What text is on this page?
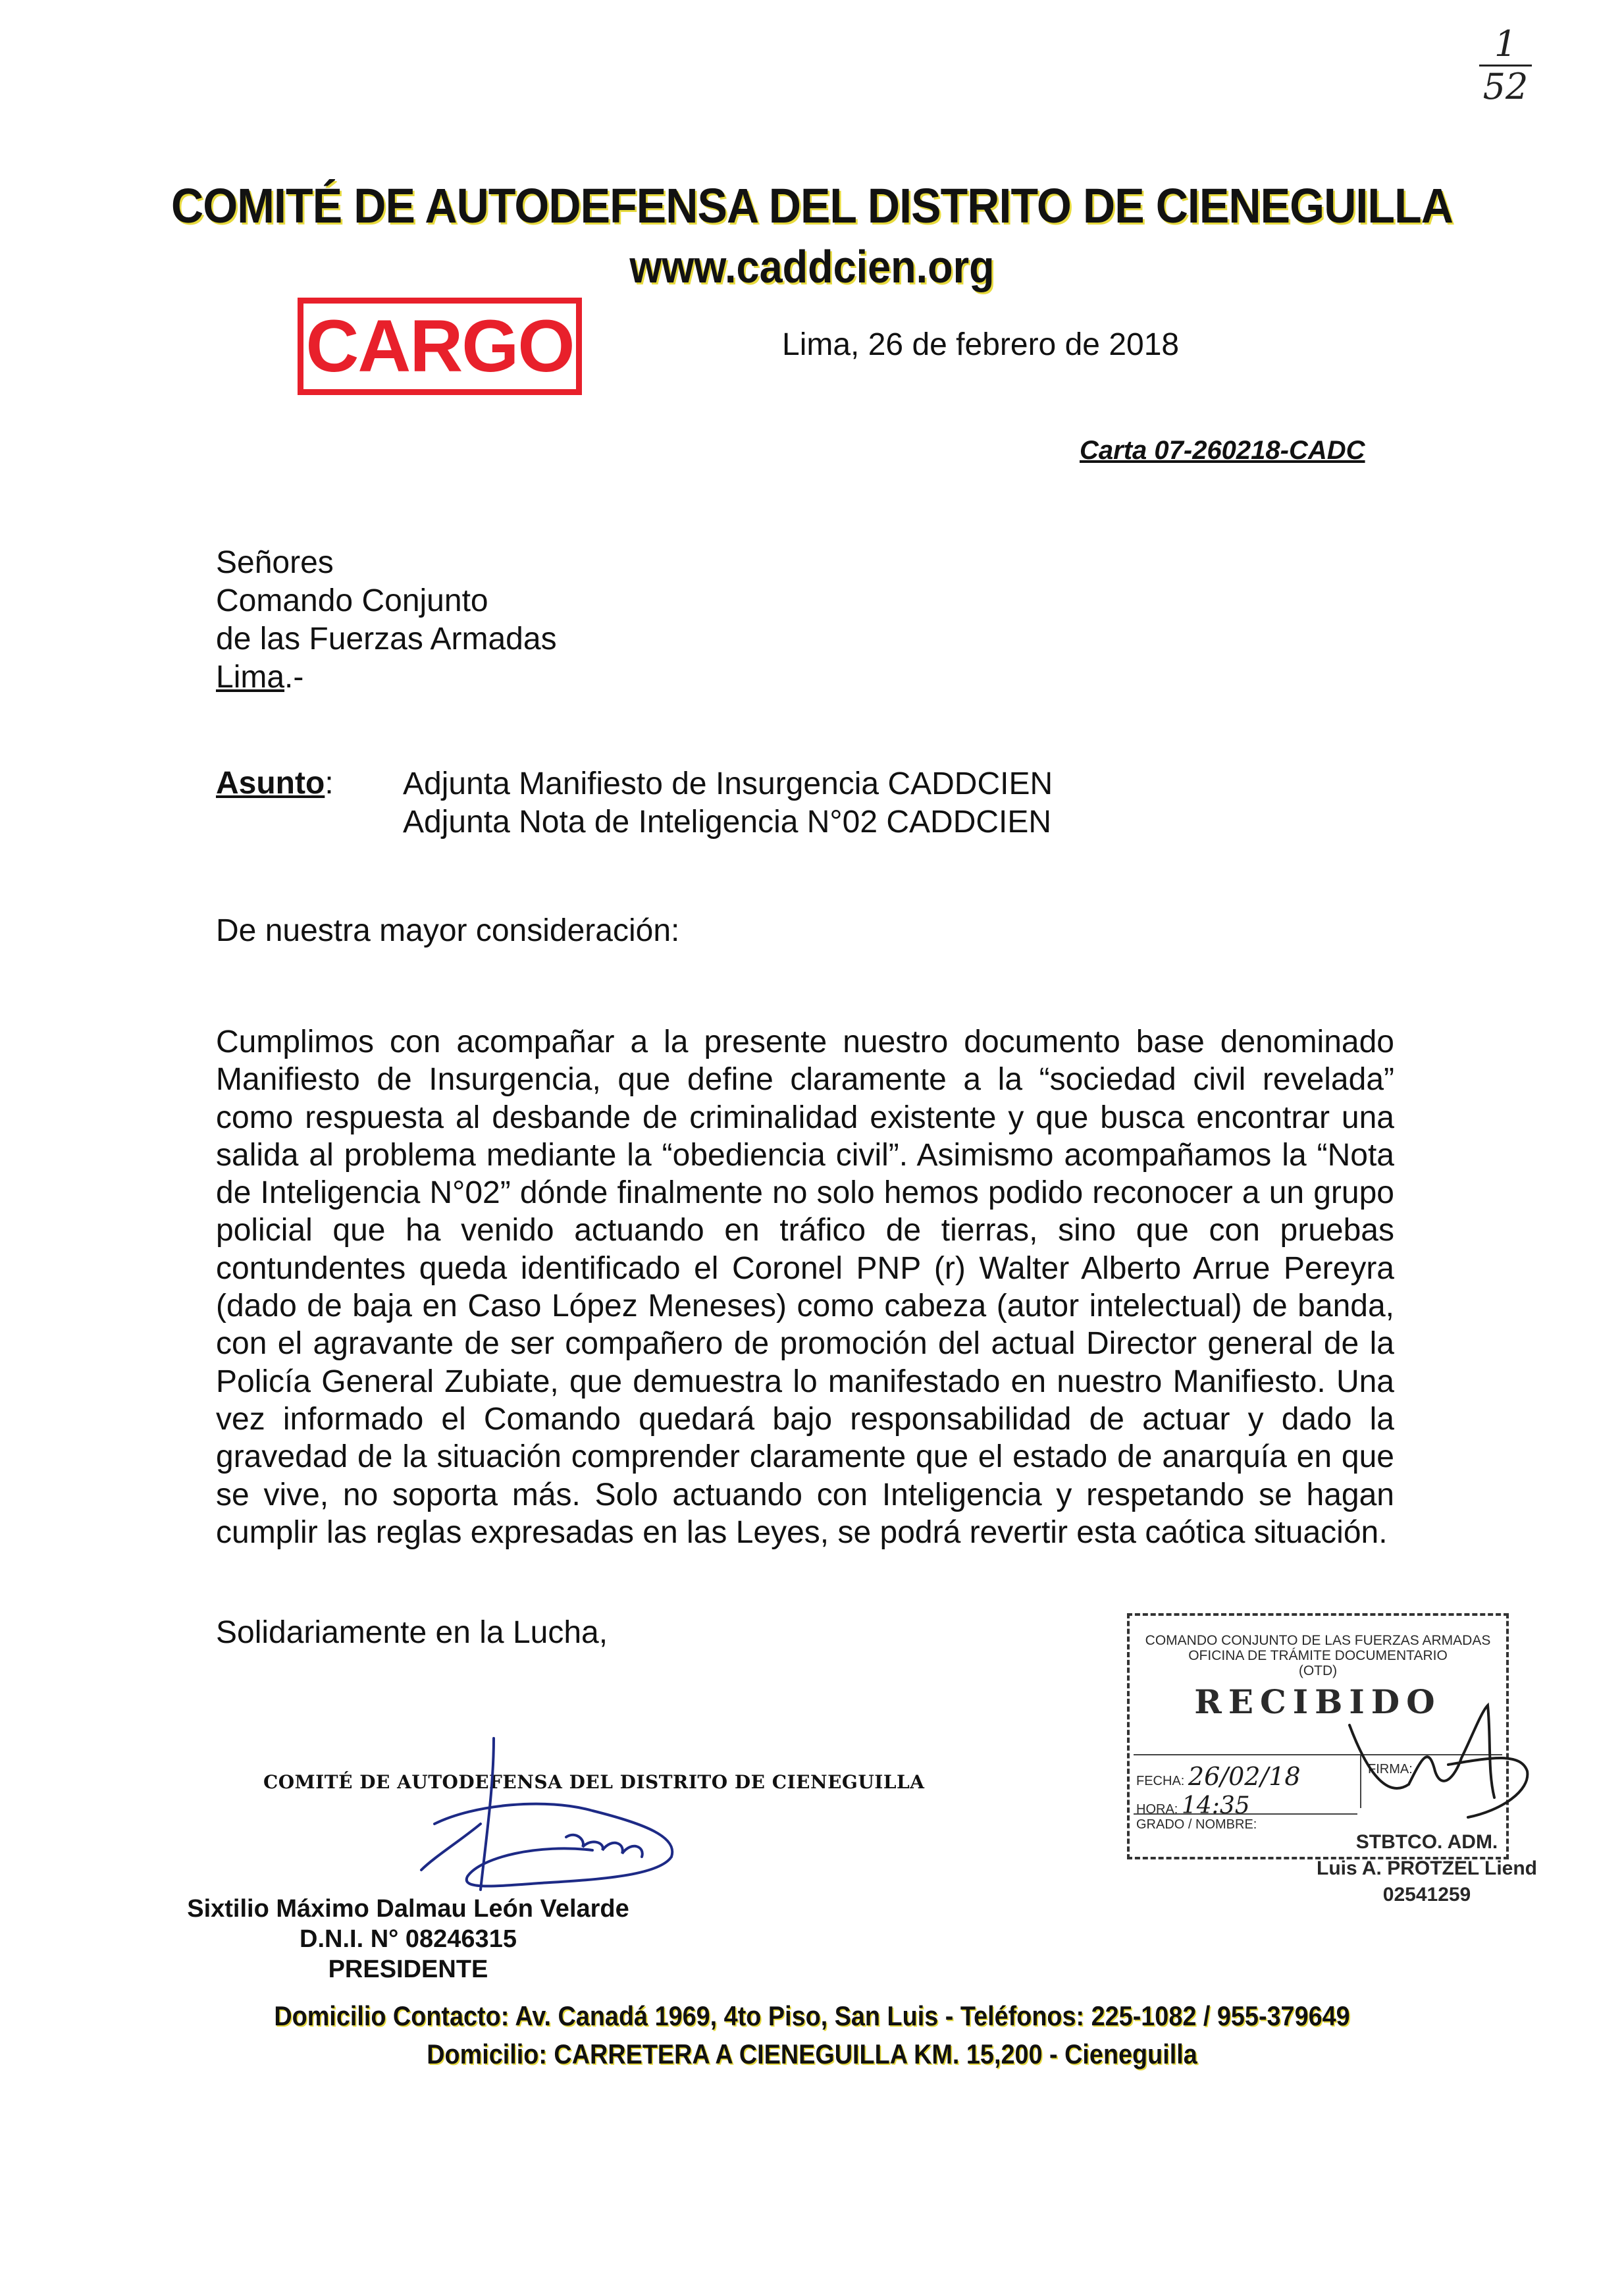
1
52
COMITÉ DE AUTODEFENSA DEL DISTRITO DE CIENEGUILLA
www.caddcien.org
CARGO	Lima, 26 de febrero de 2018
Carta 07-260218-CADC
Señores
Comando Conjunto
de las Fuerzas Armadas
Lima.-
Asunto: Adjunta Manifiesto de Insurgencia CADDCIEN
Adjunta Nota de Inteligencia N°02 CADDCIEN
De nuestra mayor consideración:
Cumplimos con acompañar a la presente nuestro documento base denominado Manifiesto de Insurgencia, que define claramente a la “sociedad civil revelada” como respuesta al desbande de criminalidad existente y que busca encontrar una salida al problema mediante la “obediencia civil”. Asimismo acompañamos la “Nota de Inteligencia N°02” dónde finalmente no solo hemos podido reconocer a un grupo policial que ha venido actuando en tráfico de tierras, sino que con pruebas contundentes queda identificado el Coronel PNP (r) Walter Alberto Arrue Pereyra (dado de baja en Caso López Meneses) como cabeza (autor intelectual) de banda, con el agravante de ser compañero de promoción del actual Director general de la Policía General Zubiate, que demuestra lo manifestado en nuestro Manifiesto. Una vez informado el Comando quedará bajo responsabilidad de actuar y dado la gravedad de la situación comprender claramente que el estado de anarquía en que se vive, no soporta más. Solo actuando con Inteligencia y respetando se hagan cumplir las reglas expresadas en las Leyes, se podrá revertir esta caótica situación.
Solidariamente en la Lucha,
COMITÉ DE AUTODEFENSA DEL DISTRITO DE CIENEGUILLA
Sixtilio Máximo Dalmau León Velarde
D.N.I. N° 08246315
PRESIDENTE
COMANDO CONJUNTO DE LAS FUERZAS ARMADAS
OFICINA DE TRÁMITE DOCUMENTARIO
(OTD)
RECIBIDO
FECHA: 26/02/18	FIRMA:
HORA: 14:35
GRADO / NOMBRE:
STBTCO. ADM.
Luis A. PROTZEL Liend
02541259
Domicilio Contacto: Av. Canadá 1969, 4to Piso, San Luis - Teléfonos: 225-1082 / 955-379649
Domicilio: CARRETERA A CIENEGUILLA KM. 15,200 - Cieneguilla
